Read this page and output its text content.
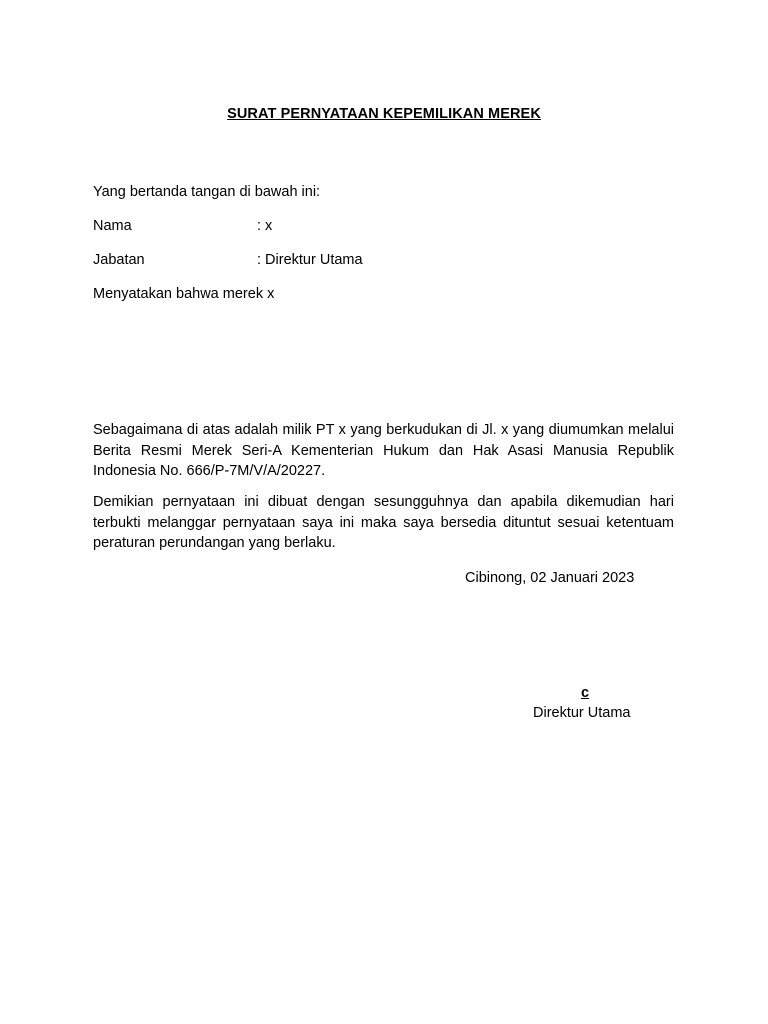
SURAT PERNYATAAN KEPEMILIKAN MEREK
Yang bertanda tangan di bawah ini:
Nama	: x
Jabatan	: Direktur Utama
Menyatakan bahwa merek x
Sebagaimana di atas adalah milik PT x yang berkudukan di Jl. x yang diumumkan melalui Berita Resmi Merek Seri-A Kementerian Hukum dan Hak Asasi Manusia Republik Indonesia No. 666/P-7M/V/A/20227.
Demikian pernyataan ini dibuat dengan sesungguhnya dan apabila dikemudian hari terbukti melanggar pernyataan saya ini maka saya bersedia dituntut sesuai ketentuam peraturan perundangan yang berlaku.
Cibinong, 02 Januari 2023
c
Direktur Utama
